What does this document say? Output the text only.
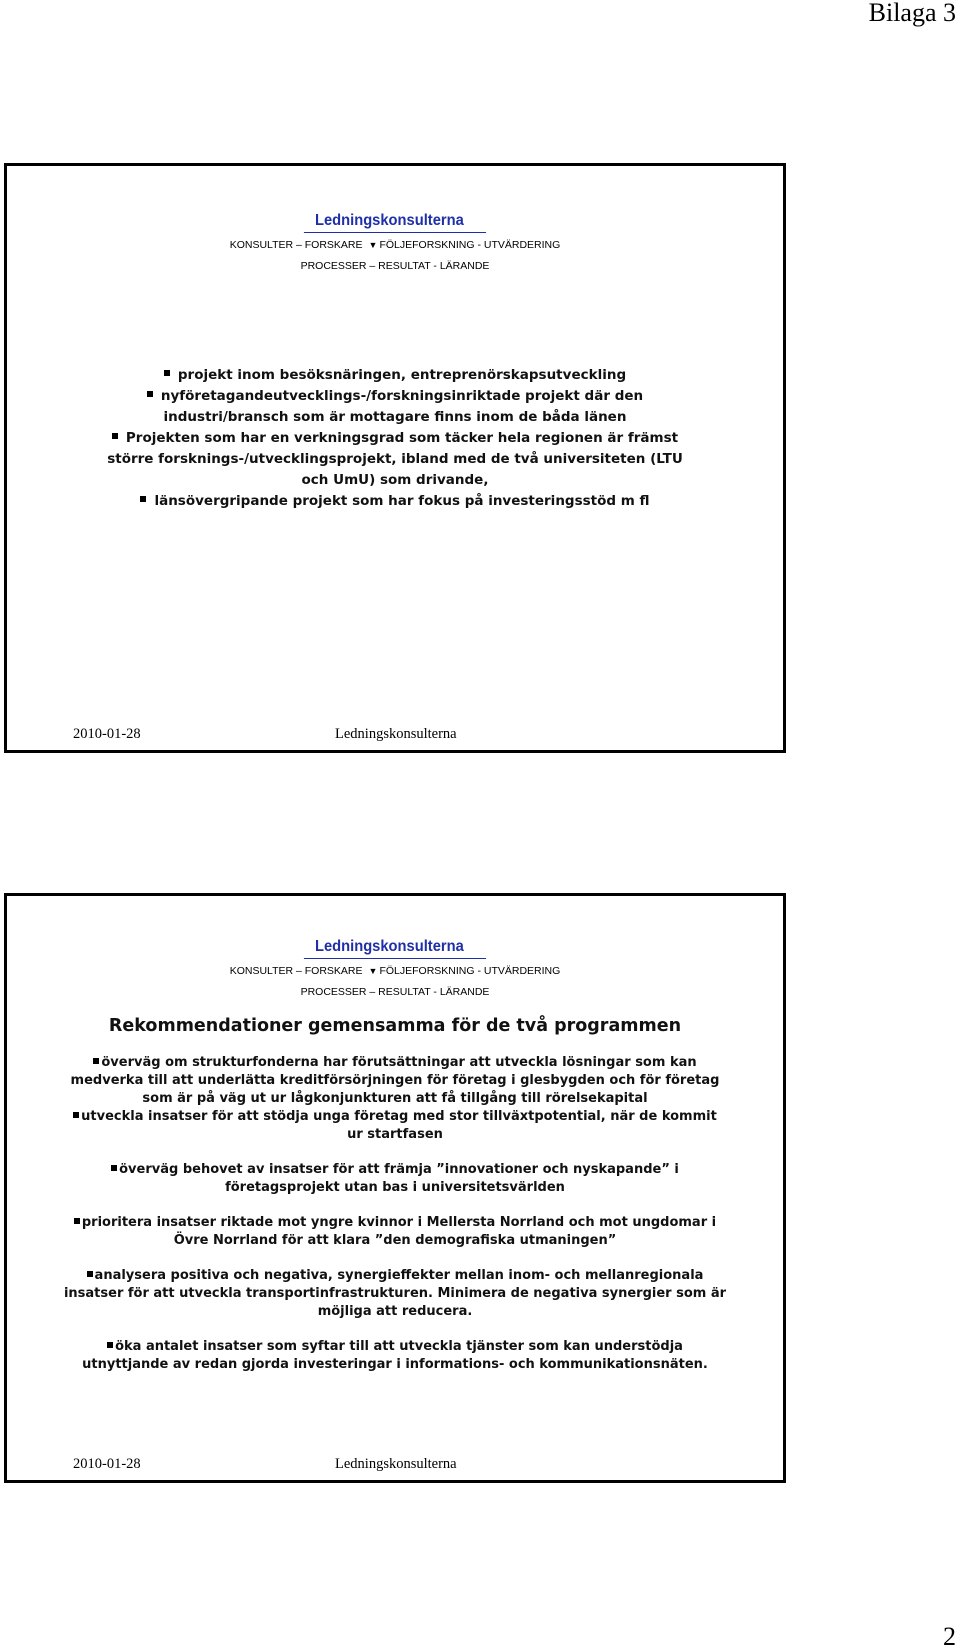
Bilaga 3
Ledningskonsulterna
KONSULTER – FORSKARE ▼ FÖLJEFORSKNING - UTVÄRDERING
PROCESSER – RESULTAT - LÄRANDE

projekt inom besöksnäringen, entreprenörskapsutveckling

nyföretagandeutvecklings-/forskningsinriktade projekt där den

industri/bransch som är mottagare finns inom de båda länen

Projekten som har en verkningsgrad som täcker hela regionen är främst

större forsknings-/utvecklingsprojekt, ibland med de två universiteten (LTU

och UmU) som drivande,

länsövergripande projekt som har fokus på investeringsstöd m fl

2010-01-28	Ledningskonsulterna
Ledningskonsulterna
KONSULTER – FORSKARE ▼ FÖLJEFORSKNING - UTVÄRDERING
PROCESSER – RESULTAT - LÄRANDE
Rekommendationer gemensamma för de två programmen

överväg om strukturfonderna har förutsättningar att utveckla lösningar som kan

medverka till att underlätta kreditförsörjningen för företag i glesbygden och för företag

som är på väg ut ur lågkonjunkturen att få tillgång till rörelsekapital

utveckla insatser för att stödja unga företag med stor tillväxtpotential, när de kommit

ur startfasen

överväg behovet av insatser för att främja ”innovationer och nyskapande” i

företagsprojekt utan bas i universitetsvärlden

prioritera insatser riktade mot yngre kvinnor i Mellersta Norrland och mot ungdomar i

Övre Norrland för att klara ”den demografiska utmaningen”

analysera positiva och negativa, synergieffekter mellan inom- och mellanregionala

insatser för att utveckla transportinfrastrukturen. Minimera de negativa synergier som är

möjliga att reducera.

öka antalet insatser som syftar till att utveckla tjänster som kan understödja

utnyttjande av redan gjorda investeringar i informations- och kommunikationsnäten.

2010-01-28	Ledningskonsulterna
2
